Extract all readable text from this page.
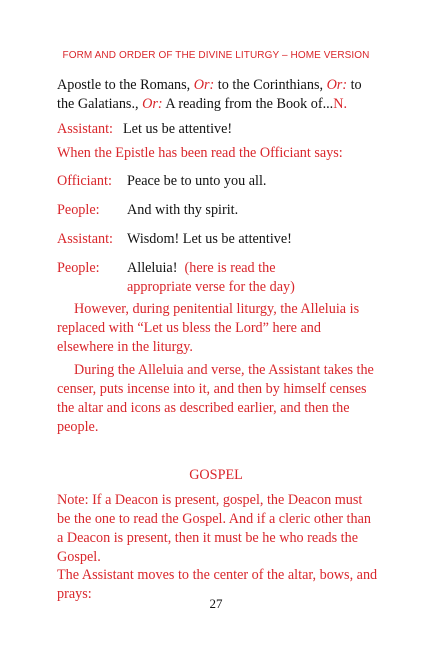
FORM AND ORDER OF THE DIVINE LITURGY – HOME VERSION
Apostle to the Romans, Or: to the Corinthians, Or: to the Galatians., Or: A reading from the Book of...N.
Assistant: Let us be attentive!
When the Epistle has been read the Officiant says:
Officiant: Peace be to unto you all.
People: And with thy spirit.
Assistant: Wisdom! Let us be attentive!
People: Alleluia! (here is read the
appropriate verse for the day)
However, during penitential liturgy, the Alleluia is replaced with “Let us bless the Lord” here and elsewhere in the liturgy.
During the Alleluia and verse, the Assistant takes the censer, puts incense into it, and then by himself censes the altar and icons as described earlier, and then the people.
GOSPEL
Note: If a Deacon is present, gospel, the Deacon must be the one to read the Gospel. And if a cleric other than a Deacon is present, then it must be he who reads the Gospel.
The Assistant moves to the center of the altar, bows, and prays:
27
